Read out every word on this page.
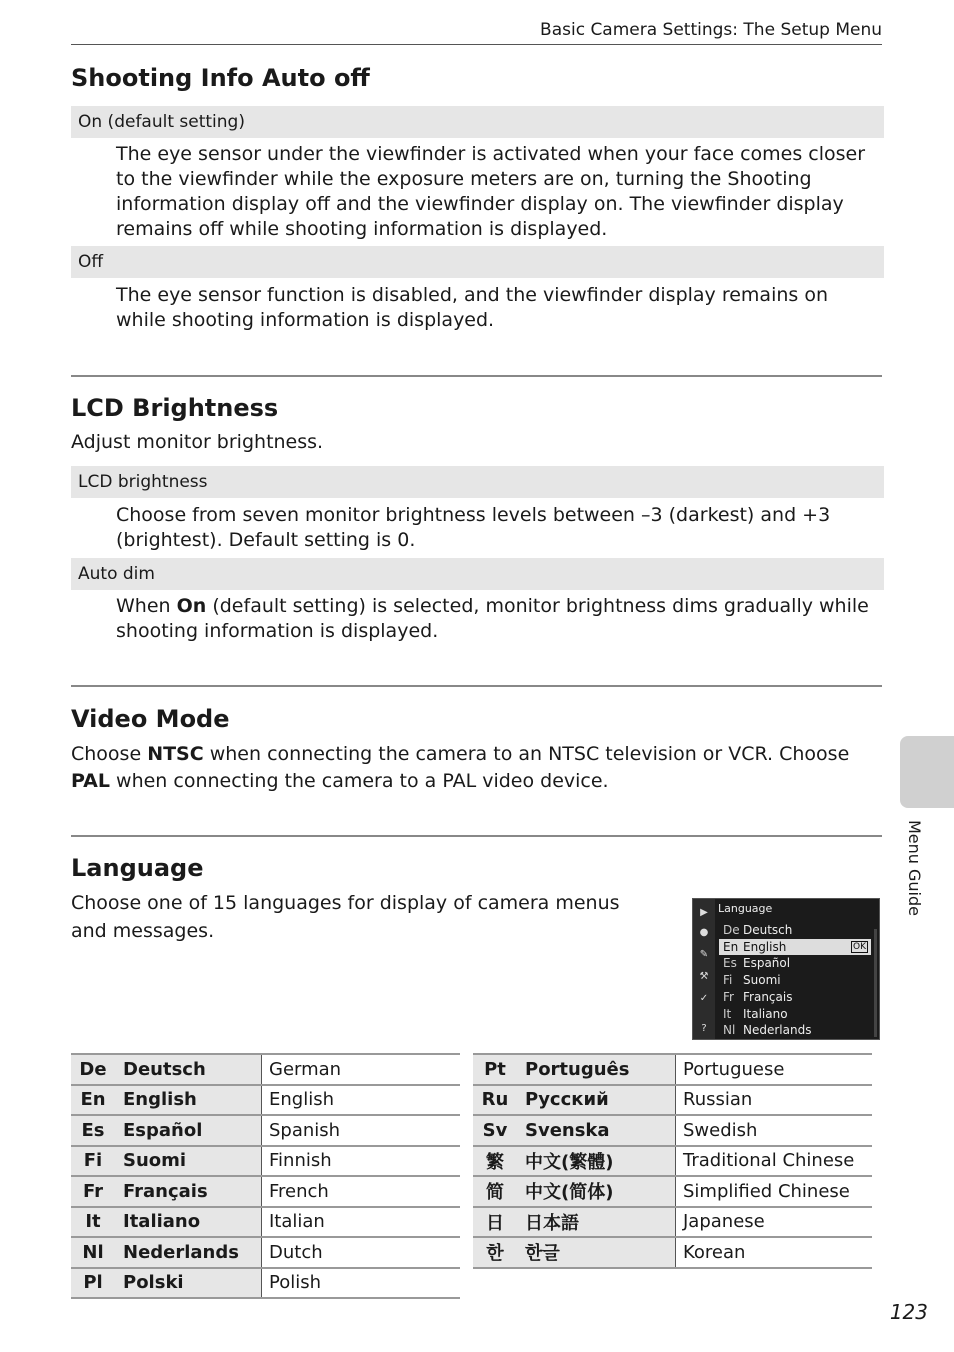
Basic Camera Settings: The Setup Menu
Shooting Info Auto off
On (default setting)
The eye sensor under the viewfinder is activated when your face comes closer to the viewfinder while the exposure meters are on, turning the Shooting information display off and the viewfinder display on. The viewfinder display remains off while shooting information is displayed.
Off
The eye sensor function is disabled, and the viewfinder display remains on while shooting information is displayed.
LCD Brightness
Adjust monitor brightness.
LCD brightness
Choose from seven monitor brightness levels between –3 (darkest) and +3 (brightest). Default setting is 0.
Auto dim
When On (default setting) is selected, monitor brightness dims gradually while shooting information is displayed.
Video Mode
Choose NTSC when connecting the camera to an NTSC television or VCR. Choose PAL when connecting the camera to a PAL video device.
Language
Choose one of 15 languages for display of camera menus and messages.
▶
●
✎
⚒
✓
?
Language
De Deutsch
En English	OK
Es Español
Fi Suomi
Fr Français
It Italiano
Nl Nederlands
De	Deutsch	German
En	English	English
Es	Español	Spanish
Fi	Suomi	Finnish
Fr	Français	French
It	Italiano	Italian
Nl	Nederlands	Dutch
Pl	Polski	Polish
Pt	Português	Portuguese
Ru	Русский	Russian
Sv	Svenska	Swedish
繁	中文(繁體)	Traditional Chinese
简	中文(简体)	Simplified Chinese
日	日本語	Japanese
한	한글	Korean
Menu Guide
123
